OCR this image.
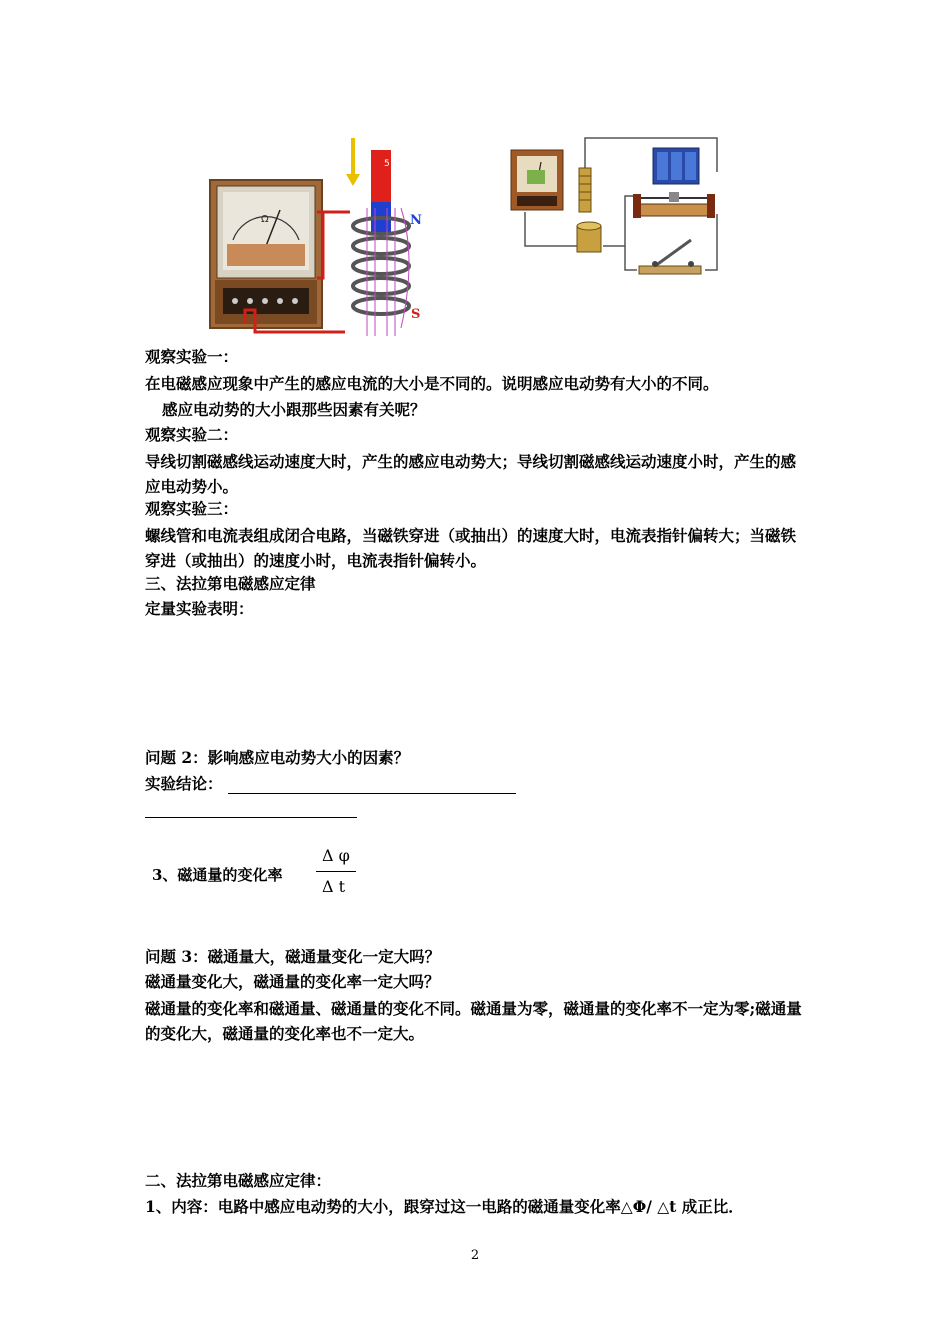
Ω
5
N
S
观察实验一：
在电磁感应现象中产生的感应电流的大小是不同的。说明感应电动势有大小的不同。
感应电动势的大小跟那些因素有关呢？
观察实验二：
导线切割磁感线运动速度大时，产生的感应电动势大；导线切割磁感线运动速度小时，产生的感应电动势小。
观察实验三：
螺线管和电流表组成闭合电路，当磁铁穿进（或抽出）的速度大时，电流表指针偏转大；当磁铁穿进（或抽出）的速度小时，电流表指针偏转小。
三、法拉第电磁感应定律
定量实验表明：
问题 2：影响感应电动势大小的因素？
实验结论：
3、磁通量的变化率
Δ φ
Δ t
问题 3：磁通量大，磁通量变化一定大吗？
磁通量变化大，磁通量的变化率一定大吗？
磁通量的变化率和磁通量、磁通量的变化不同。磁通量为零，磁通量的变化率不一定为零;磁通量的变化大，磁通量的变化率也不一定大。
二、法拉第电磁感应定律：
1、内容：电路中感应电动势的大小，跟穿过这一电路的磁通量变化率△Φ/ △t 成正比．
2
